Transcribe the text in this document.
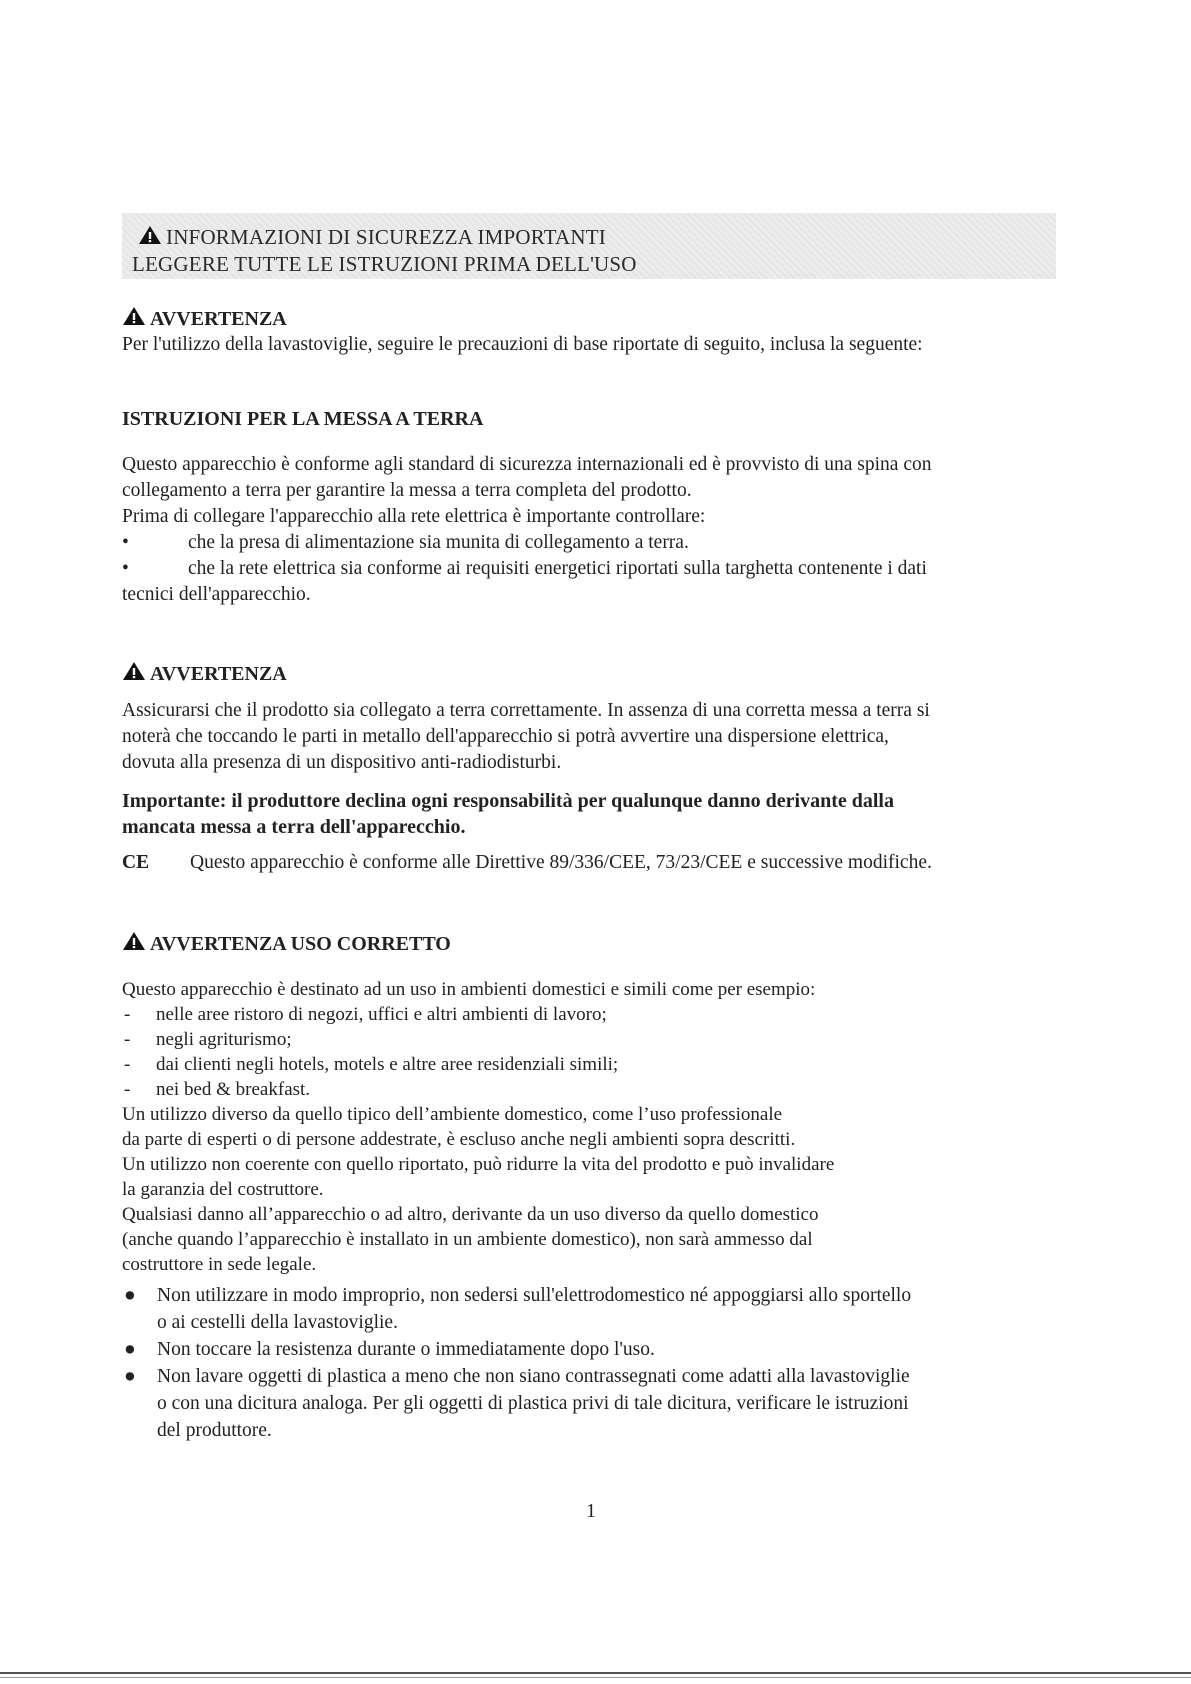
INFORMAZIONI DI SICUREZZA IMPORTANTI
LEGGERE TUTTE LE ISTRUZIONI PRIMA DELL'USO
AVVERTENZA

Per l'utilizzo della lavastoviglie, seguire le precauzioni di base riportate di seguito, inclusa la seguente:

ISTRUZIONI PER LA MESSA A TERRA

Questo apparecchio è conforme agli standard di sicurezza internazionali ed è provvisto di una spina con

collegamento a terra per garantire la messa a terra completa del prodotto.

Prima di collegare l'apparecchio alla rete elettrica è importante controllare:

•	che la presa di alimentazione sia munita di collegamento a terra.
•	che la rete elettrica sia conforme ai requisiti energetici riportati sulla targhetta contenente i dati

tecnici dell'apparecchio.

AVVERTENZA

Assicurarsi che il prodotto sia collegato a terra correttamente. In assenza di una corretta messa a terra si

noterà che toccando le parti in metallo dell'apparecchio si potrà avvertire una dispersione elettrica,

dovuta alla presenza di un dispositivo anti-radiodisturbi.

Importante: il produttore declina ogni responsabilità per qualunque danno derivante dalla

mancata messa a terra dell'apparecchio.

CE Questo apparecchio è conforme alle Direttive 89/336/CEE, 73/23/CEE e successive modifiche.
AVVERTENZA USO CORRETTO

Questo apparecchio è destinato ad un uso in ambienti domestici e simili come per esempio:

- nelle aree ristoro di negozi, uffici e altri ambienti di lavoro;
- negli agriturismo;
- dai clienti negli hotels, motels e altre aree residenziali simili;
- nei bed & breakfast.

Un utilizzo diverso da quello tipico dell’ambiente domestico, come l’uso professionale

da parte di esperti o di persone addestrate, è escluso anche negli ambienti sopra descritti.

Un utilizzo non coerente con quello riportato, può ridurre la vita del prodotto e può invalidare

la garanzia del costruttore.

Qualsiasi danno all’apparecchio o ad altro, derivante da un uso diverso da quello domestico

(anche quando l’apparecchio è installato in un ambiente domestico), non sarà ammesso dal

costruttore in sede legale.

● Non utilizzare in modo improprio, non sedersi sull'elettrodomestico né appoggiarsi allo sportello
o ai cestelli della lavastoviglie.
● Non toccare la resistenza durante o immediatamente dopo l'uso.
● Non lavare oggetti di plastica a meno che non siano contrassegnati come adatti alla lavastoviglie
o con una dicitura analoga. Per gli oggetti di plastica privi di tale dicitura, verificare le istruzioni
del produttore.
1
